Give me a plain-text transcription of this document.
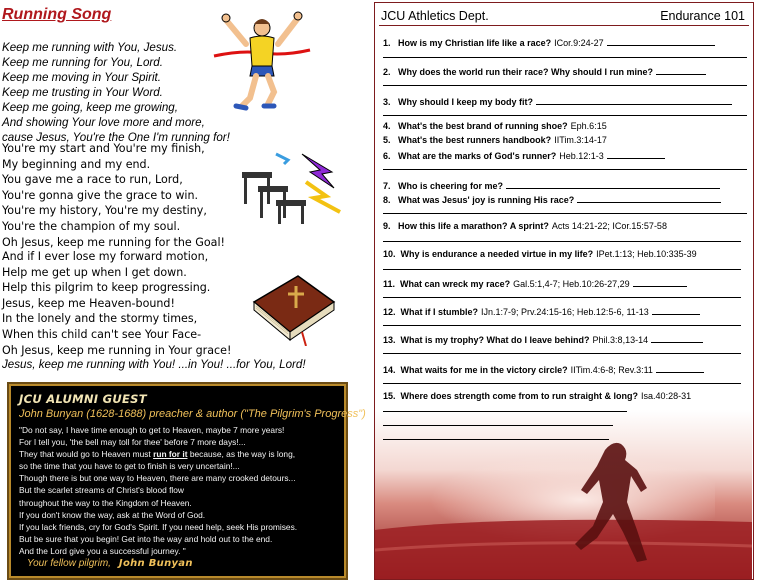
Running Song
Keep me running with You, Jesus.
Keep me running for You, Lord.
Keep me moving in Your Spirit.
Keep me trusting in Your Word.
Keep me going, keep me growing,
And showing Your love more and more,
cause Jesus, You're the One I'm running for!
You're my start and You're my finish,
My beginning and my end.
You gave me a race to run, Lord,
You're gonna give the grace to win.
You're my history, You're my destiny,
You're the champion of my soul.
Oh Jesus, keep me running for the Goal!
And if I ever lose my forward motion,
Help me get up when I get down.
Help this pilgrim to keep progressing.
Jesus, keep me Heaven-bound!
In the lonely and the stormy times,
When this child can't see Your Face-
Oh Jesus, keep me running in Your grace!
Jesus, keep me running with You! ...in You! ...for You, Lord!
JCU ALUMNI GUEST
John Bunyan (1628-1688) preacher & author ("The Pilgrim's Progress")
"Do not say, I have time enough to get to Heaven, maybe 7 more years!
For I tell you, 'the bell may toll for thee' before 7 more days!...
They that would go to Heaven must run for it because, as the way is long,
so the time that you have to get to finish is very uncertain!...
Though there is but one way to Heaven, there are many crooked detours...
But the scarlet streams of Christ's blood flow
throughout the way to the Kingdom of Heaven.
If you don't know the way, ask at the Word of God.
If you lack friends, cry for God's Spirit. If you need help, seek His promises.
But be sure that you begin! Get into the way and hold out to the end.
And the Lord give you a successful journey. "
Your fellow pilgrim, John Bunyan
JCU Athletics Dept.	Endurance 101
1. How is my Christian life like a race? ICor.9:24-27
2. Why does the world run their race? Why should I run mine?
3. Why should I keep my body fit?
4. What's the best brand of running shoe? Eph.6:15
5. What's the best runners handbook? IITim.3:14-17
6. What are the marks of God's runner? Heb.12:1-3
7. Who is cheering for me?
8. What was Jesus' joy is running His race?
9. How this life a marathon? A sprint? Acts 14:21-22; ICor.15:57-58
10. Why is endurance a needed virtue in my life? IPet.1:13; Heb.10:335-39
11. What can wreck my race? Gal.5:1,4-7; Heb.10:26-27,29
12. What if I stumble? IJn.1:7-9; Prv.24:15-16; Heb.12:5-6, 11-13
13. What is my trophy? What do I leave behind? Phil.3:8,13-14
14. What waits for me in the victory circle? IITim.4:6-8; Rev.3:11
15. Where does strength come from to run straight & long? Isa.40:28-31
